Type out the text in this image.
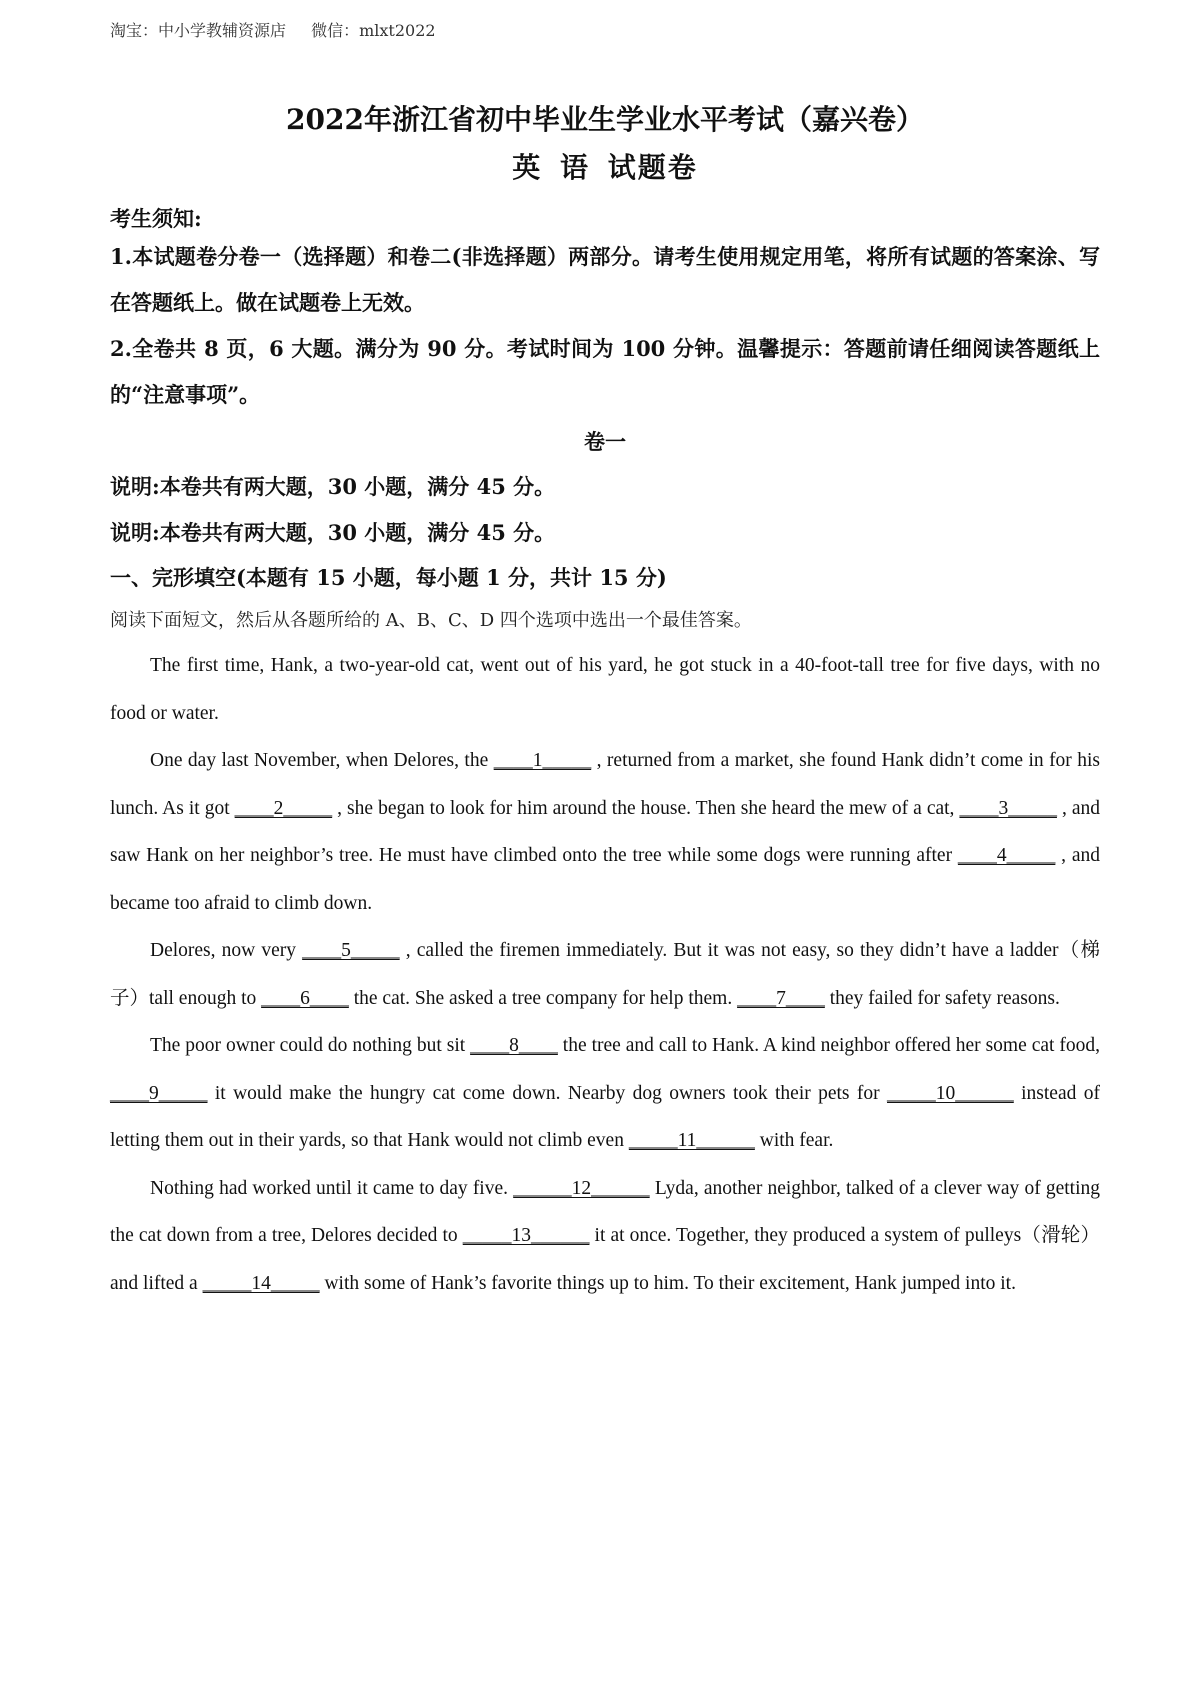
淘宝：中小学教辅资源店 微信：mlxt2022
2022年浙江省初中毕业生学业水平考试（嘉兴卷）
英 语 试题卷
考生须知:
1.本试题卷分卷一（选择题）和卷二(非选择题）两部分。请考生使用规定用笔，将所有试题的答案涂、写在答题纸上。做在试题卷上无效。
2.全卷共 8 页，6 大题。满分为 90 分。考试时间为 100 分钟。温馨提示：答题前请任细阅读答题纸上的“注意事项”。
卷一
说明:本卷共有两大题，30 小题，满分 45 分。
说明:本卷共有两大题，30 小题，满分 45 分。
一、完形填空(本题有 15 小题，每小题 1 分，共计 15 分)
阅读下面短文，然后从各题所给的 A、B、C、D 四个选项中选出一个最佳答案。

The first time, Hank, a two-year-old cat, went out of his yard, he got stuck in a 40-foot-tall tree for five days, with no food or water.

One day last November, when Delores, the ____1_____ , returned from a market, she found Hank didn’t come in for his lunch. As it got ____2_____ , she began to look for him around the house. Then she heard the mew of a cat, ____3_____ , and saw Hank on her neighbor’s tree. He must have climbed onto the tree while some dogs were running after ____4_____ , and became too afraid to climb down.

Delores, now very ____5_____ , called the firemen immediately. But it was not easy, so they didn’t have a ladder（梯子）tall enough to ____6____ the cat. She asked a tree company for help them. ____7____ they failed for safety reasons.

The poor owner could do nothing but sit ____8____ the tree and call to Hank. A kind neighbor offered her some cat food, ____9_____ it would make the hungry cat come down. Nearby dog owners took their pets for _____10______ instead of letting them out in their yards, so that Hank would not climb even _____11______ with fear.

Nothing had worked until it came to day five. ______12______ Lyda, another neighbor, talked of a clever way of getting the cat down from a tree, Delores decided to _____13______ it at once. Together, they produced a system of pulleys（滑轮） and lifted a _____14_____ with some of Hank’s favorite things up to him. To their excitement, Hank jumped into it.
